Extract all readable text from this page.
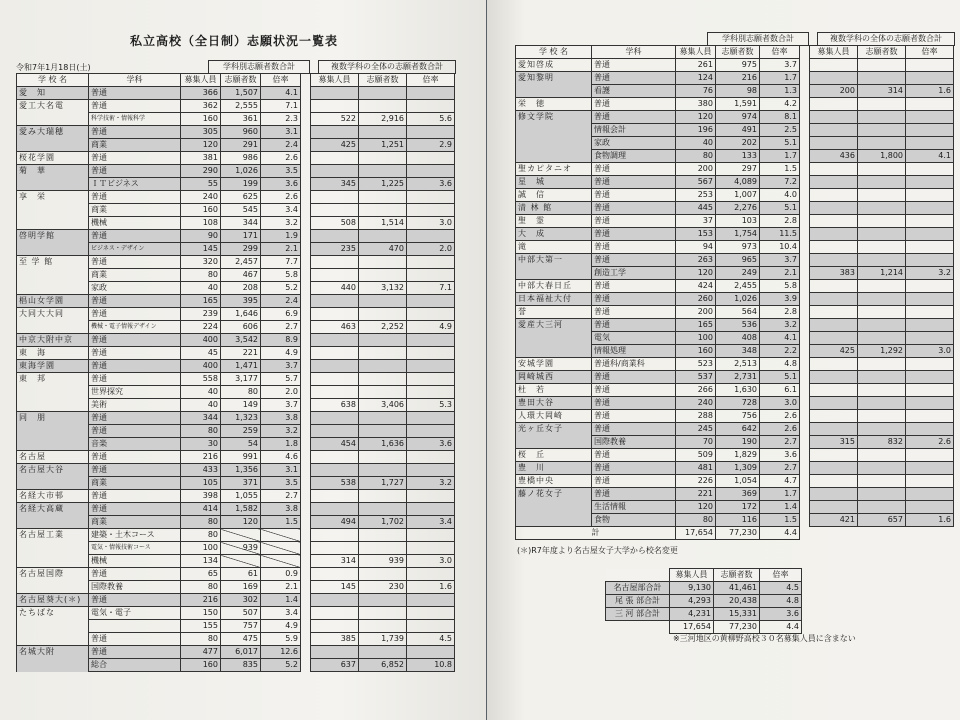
私立高校（全日制）志願状況一覧表
令和7年1月18日(土)	学科別志願者数合計	複数学科の全体の志願者数合計
学 校 名	学科	募集人員	志願者数	倍率		募集人員	志願者数	倍率
愛　知	普通	366	1,507	4.1				
愛工大名電	普通	362	2,555	7.1				
	科学技術・情報科学	160	361	2.3		522	2,916	5.6
愛み大瑞穂	普通	305	960	3.1				
	商業	120	291	2.4		425	1,251	2.9
桜花学園	普通	381	986	2.6				
菊　華	普通	290	1,026	3.5				
	ＩＴビジネス	55	199	3.6		345	1,225	3.6
享　栄	普通	240	625	2.6				
	商業	160	545	3.4				
	機械	108	344	3.2		508	1,514	3.0
啓明学館	普通	90	171	1.9				
	ビジネス・デザイン	145	299	2.1		235	470	2.0
至 学 館	普通	320	2,457	7.7				
	商業	80	467	5.8				
	家政	40	208	5.2		440	3,132	7.1
椙山女学園	普通	165	395	2.4				
大同大大同	普通	239	1,646	6.9				
	機械・電子情報デザイン	224	606	2.7		463	2,252	4.9
中京大附中京	普通	400	3,542	8.9				
東　海	普通	45	221	4.9				
東海学園	普通	400	1,471	3.7				
東　邦	普通	558	3,177	5.7				
	世界探究	40	80	2.0				
	美術	40	149	3.7		638	3,406	5.3
同　朋	普通	344	1,323	3.8				
	普通	80	259	3.2				
	音楽	30	54	1.8		454	1,636	3.6
名古屋	普通	216	991	4.6				
名古屋大谷	普通	433	1,356	3.1				
	商業	105	371	3.5		538	1,727	3.2
名経大市邨	普通	398	1,055	2.7				
名経大高蔵	普通	414	1,582	3.8				
	商業	80	120	1.5		494	1,702	3.4
名古屋工業	建築・土木コース	80						
	電気・情報技術コース	100	939					
	機械	134				314	939	3.0
名古屋国際	普通	65	61	0.9				
	国際教養	80	169	2.1		145	230	1.6
名古屋葵大(＊)	普通	216	302	1.4				
たちばな	電気・電子	150	507	3.4				
		155	757	4.9				
	普通	80	475	5.9		385	1,739	4.5
名城大附	普通	477	6,017	12.6				
	総合	160	835	5.2		637	6,852	10.8
学科別志願者数合計	複数学科の全体の志願者数合計
学 校 名	学科	募集人員	志願者数	倍率		募集人員	志願者数	倍率
愛知啓成	普通	261	975	3.7				
愛知黎明	普通	124	216	1.7				
	看護	76	98	1.3		200	314	1.6
栄　徳	普通	380	1,591	4.2				
修文学院	普通	120	974	8.1				
	情報会計	196	491	2.5				
	家政	40	202	5.1				
	食物調理	80	133	1.7		436	1,800	4.1
聖カピタニオ	普通	200	297	1.5				
星　城	普通	567	4,089	7.2				
誠　信	普通	253	1,007	4.0				
清 林 館	普通	445	2,276	5.1				
聖　霊	普通	37	103	2.8				
大　成	普通	153	1,754	11.5				
滝	普通	94	973	10.4				
中部大第一	普通	263	965	3.7				
	創造工学	120	249	2.1		383	1,214	3.2
中部大春日丘	普通	424	2,455	5.8				
日本福祉大付	普通	260	1,026	3.9				
誉	普通	200	564	2.8				
愛産大三河	普通	165	536	3.2				
	電気	100	408	4.1				
	情報処理	160	348	2.2		425	1,292	3.0
安城学園	普通科/商業科	523	2,513	4.8				
岡崎城西	普通	537	2,731	5.1				
杜　若	普通	266	1,630	6.1				
豊田大谷	普通	240	728	3.0				
人環大岡崎	普通	288	756	2.6				
光ヶ丘女子	普通	245	642	2.6				
	国際教養	70	190	2.7		315	832	2.6
桜　丘	普通	509	1,829	3.6				
豊　川	普通	481	1,309	2.7				
豊橋中央	普通	226	1,054	4.7				
藤ノ花女子	普通	221	369	1.7				
	生活情報	120	172	1.4				
	食物	80	116	1.5		421	657	1.6
計		17,654	77,230	4.4				
(＊)R7年度より名古屋女子大学から校名変更
	募集人員	志願者数	倍率
名古屋部合計	9,130	41,461	4.5
尾 張 部合計	4,293	20,438	4.8
三 河 部合計	4,231	15,331	3.6
	17,654	77,230	4.4
※三河地区の黄柳野高校３０名募集人員に含まない
